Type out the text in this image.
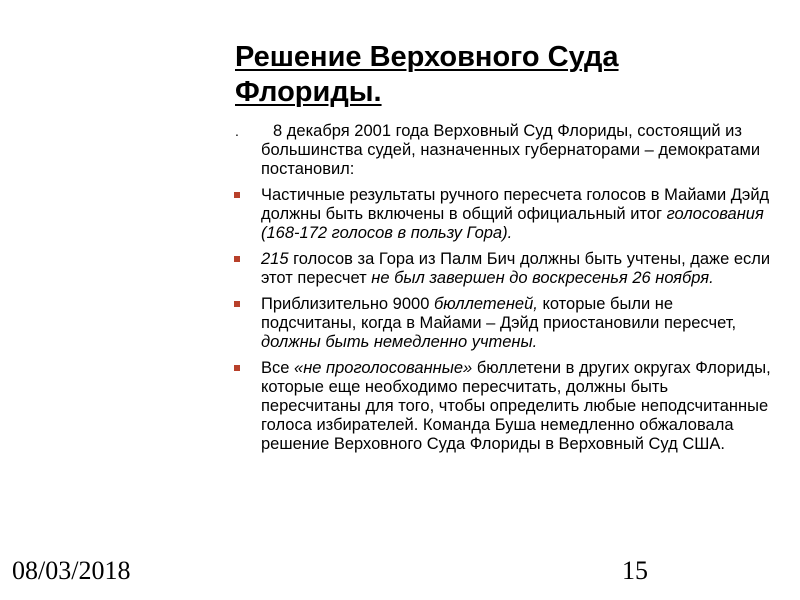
Решение Верховного Суда
Флориды.
. 8 декабря 2001 года Верховный Суд Флориды, состоящий из большинства судей, назначенных губернаторами – демократами постановил:
Частичные результаты ручного пересчета голосов в Майами Дэйд должны быть включены в общий официальный итог голосования (168-172 голосов в пользу Гора).
215 голосов за Гора из Палм Бич должны быть учтены, даже если этот пересчет не был завершен до воскресенья 26 ноября.
Приблизительно 9000 бюллетеней, которые были не подсчитаны, когда в Майами – Дэйд приостановили пересчет, должны быть немедленно учтены.
Все «не проголосованные» бюллетени в других округах Флориды, которые еще необходимо пересчитать, должны быть пересчитаны для того, чтобы определить любые неподсчитанные голоса избирателей. Команда Буша немедленно обжаловала решение Верховного Суда Флориды в Верховный Суд США.
08/03/2018	15
